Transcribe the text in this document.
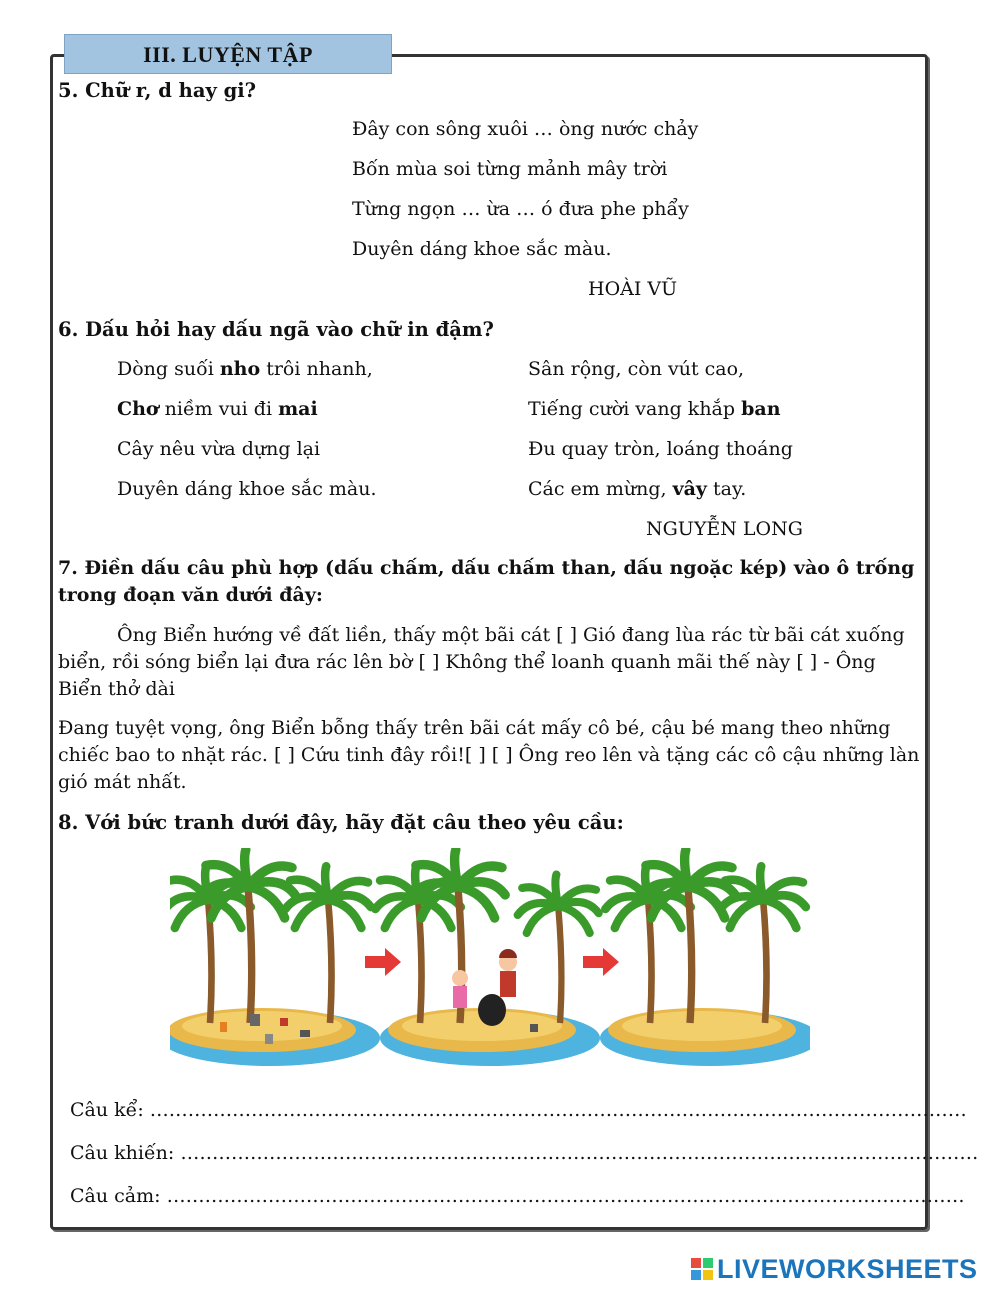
III. LUYỆN TẬP
5. Chữ r, d hay gi?
Đây con sông xuôi … òng nước chảy
Bốn mùa soi từng mảnh mây trời
Từng ngọn … ừa … ó đưa phe phẩy
Duyên dáng khoe sắc màu.
HOÀI VŨ
6. Dấu hỏi hay dấu ngã vào chữ in đậm?
Dòng suối nho trôi nhanh,
Chơ niềm vui đi mai
Cây nêu vừa dựng lại
Duyên dáng khoe sắc màu.
Sân rộng, còn vút cao,
Tiếng cười vang khắp ban
Đu quay tròn, loáng thoáng
Các em mừng, vây tay.
NGUYỄN LONG
7. Điền dấu câu phù hợp (dấu chấm, dấu chấm than, dấu ngoặc kép) vào ô trống
trong đoạn văn dưới đây:
Ông Biển hướng về đất liền, thấy một bãi cát [ ] Gió đang lùa rác từ bãi cát xuống
biển, rồi sóng biển lại đưa rác lên bờ [ ] Không thể loanh quanh mãi thế này [ ] - Ông
Biển thở dài
Đang tuyệt vọng, ông Biển bỗng thấy trên bãi cát mấy cô bé, cậu bé mang theo những
chiếc bao to nhặt rác. [ ] Cứu tinh đây rồi![ ] [ ] Ông reo lên và tặng các cô cậu những làn
gió mát nhất.
8. Với bức tranh dưới đây, hãy đặt câu theo yêu cầu:
Câu kể: …………………………………………………………………………………………………………………
Câu khiến: ………………………………………………………………………………………………………………
Câu cảm: ………………………………………………………………………………………………………………
LIVEWORKSHEETS
